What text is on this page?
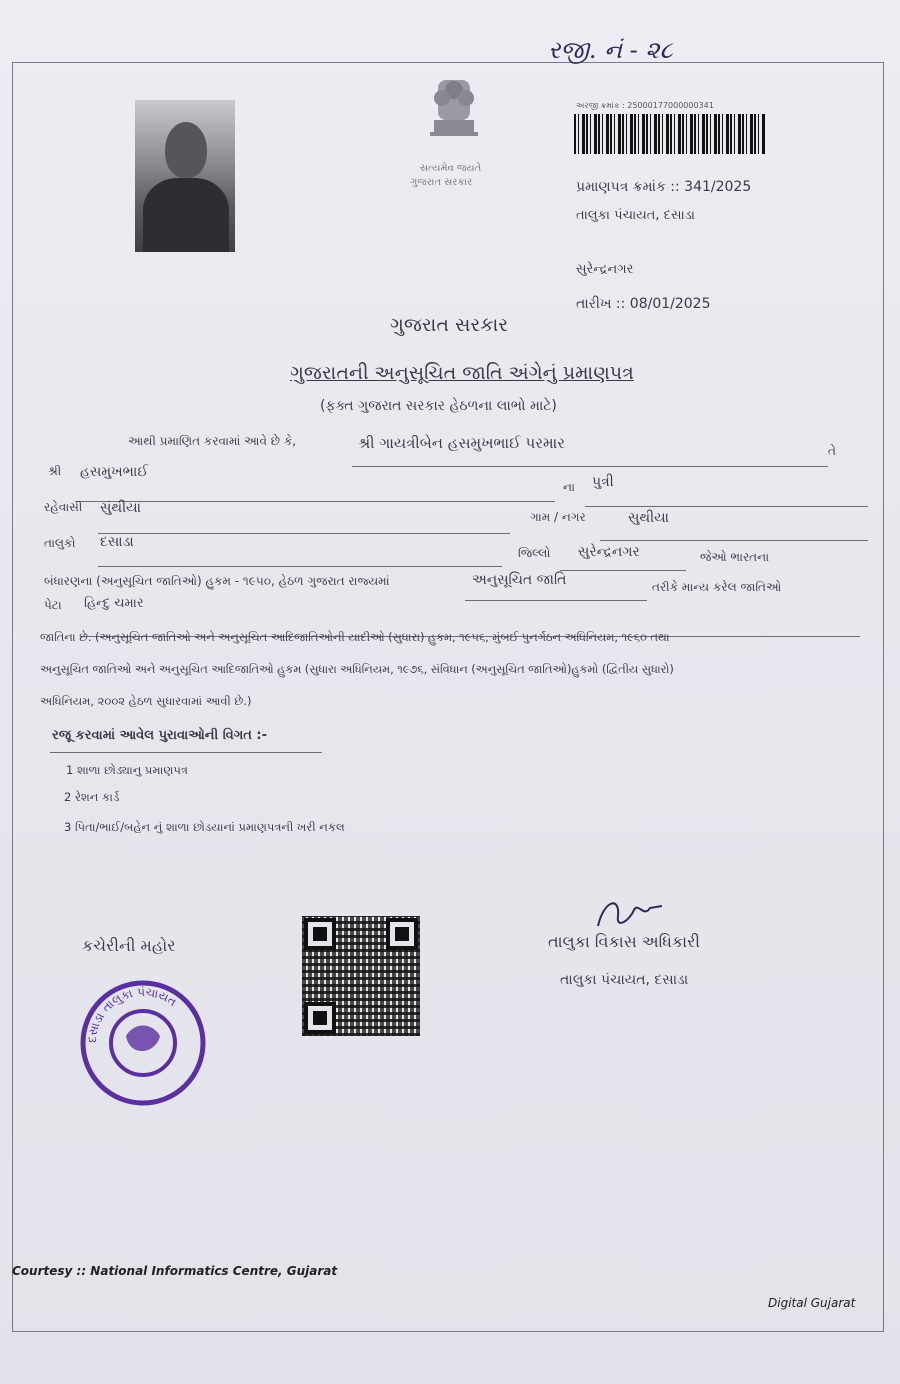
રજી. નં - ૨૮
સત્યમેવ જયતે
ગુજરાત સરકાર
અરજી ક્રમાંક : 25000177000000341
પ્રમાણપત્ર ક્રમાંક :: 341/2025
તાલુકા પંચાયત, દસાડા
સુરેન્દ્રનગર
તારીખ :: 08/01/2025
ગુજરાત સરકાર
ગુજરાતની અનુસૂચિત જાતિ અંગેનું પ્રમાણપત્ર
(ફક્ત ગુજરાત સરકાર હેઠળના લાભો માટે)
આથી પ્રમાણિત કરવામાં આવે છે કે,	શ્રી ગાયત્રીબેન હસમુખભાઈ પરમાર	તે
શ્રી હસમુખભાઈ
ના પુત્રી
રહેવાસી સુંથીયા
ગામ / નગર	સુથીયા
તાલુકો દસાડા
જિલ્લો સુરેન્દ્રનગર	જેઓ ભારતના
બંધારણના (અનુસૂચિત જાતિઓ) હુકમ - ૧૯૫૦, હેઠળ ગુજરાત રાજ્યમાં	અનુસૂચિત જાતિ	તરીકે માન્ય કરેલ જાતિઓ
પેટા હિન્દુ ચમાર
જાતિના છે. (અનુસૂચિત જાતિઓ અને અનુસૂચિત આદિજાતિઓની યાદીઓ (સુધારા) હુકમ, ૧૯૫૬, મુંબઈ પુનર્ગઠન અધિનિયમ, ૧૯૬૦ તથા
અનુસૂચિત જાતિઓ અને અનુસૂચિત આદિજાતિઓ હુકમ (સુધારા અધિનિયમ, ૧૯૭૬, સંવિધાન (અનુસૂચિત જાતિઓ)હુકમો (દ્વિતીય સુધારો)
અધિનિયમ, ૨૦૦૨ હેઠળ સુધારવામાં આવી છે.)
રજૂ કરવામાં આવેલ પુરાવાઓની વિગત :-
1 શાળા છોડ્યાનુ પ્રમાણપત્ર
2 રેશન કાર્ડ
3 પિતા/ભાઈ/બહેન નું શાળા છોડયાનાં પ્રમાણપત્રની ખરી નકલ
કચેરીની મહોર	તાલુકા વિકાસ અધિકારી
તાલુકા પંચાયત, દસાડા
દસાડા તાલુકા પંચાયત
Courtesy :: National Informatics Centre, Gujarat
Digital Gujarat
